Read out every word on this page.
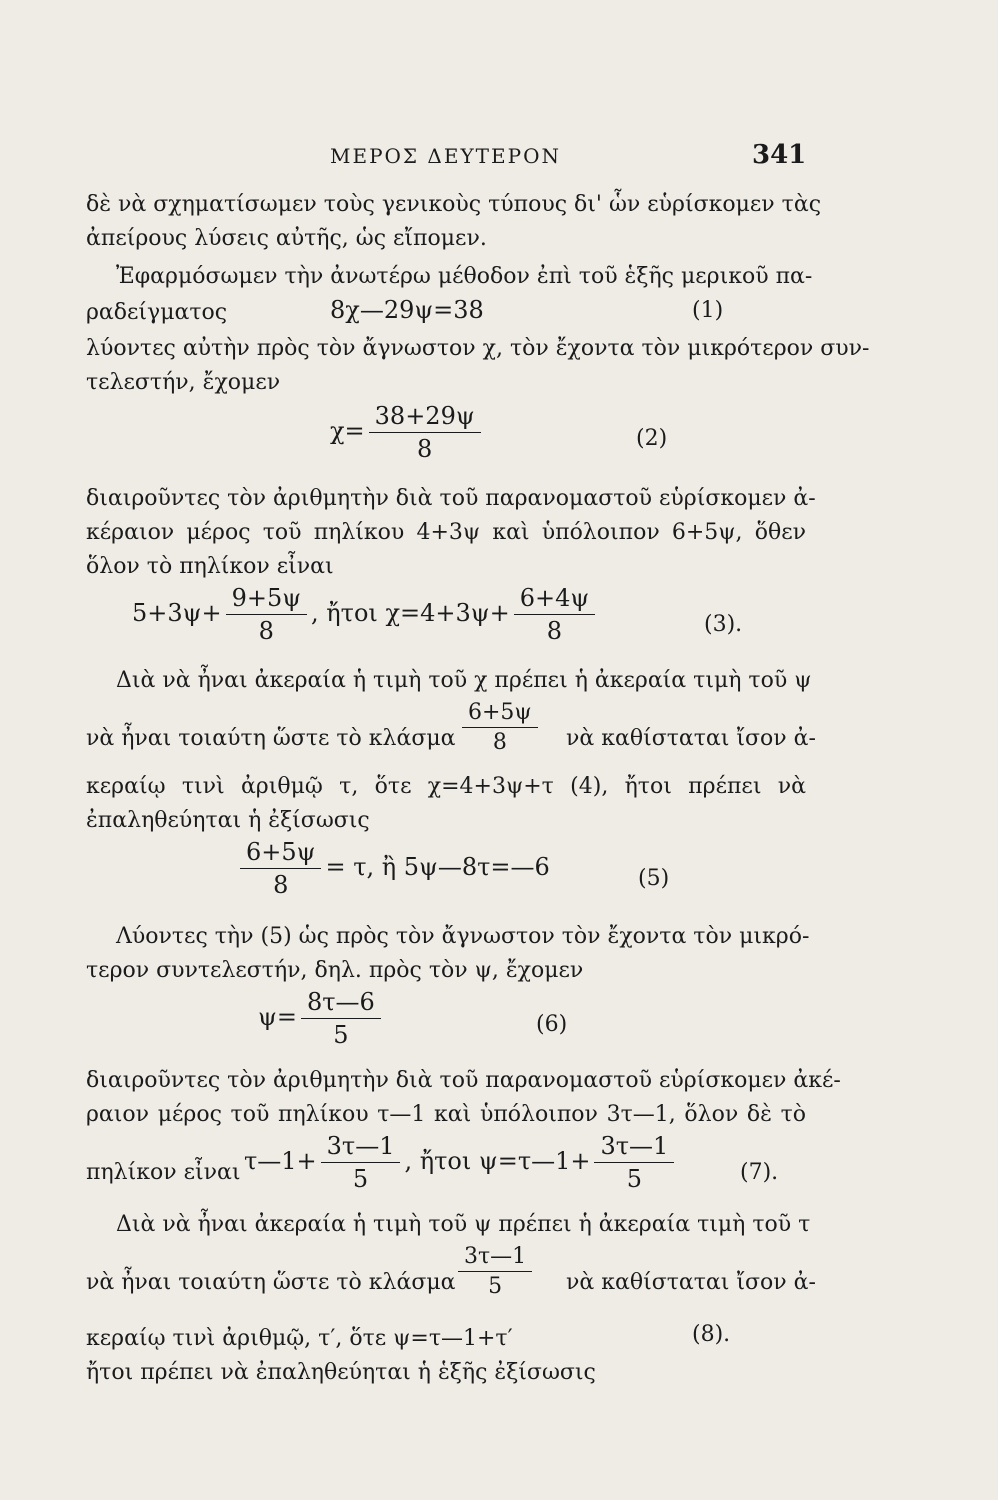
ΜΕΡΟΣ ΔΕΥΤΕΡΟΝ	341
δὲ νὰ σχηματίσωμεν τοὺς γενικοὺς τύπους δι' ὧν εὑρίσκομεν τὰς
ἀπείρους λύσεις αὐτῆς, ὡς εἴπομεν.
Ἐφαρμόσωμεν τὴν ἀνωτέρω μέθοδον ἐπὶ τοῦ ἑξῆς μερικοῦ πα-
ραδείγματος	8χ—29ψ=38	(1)
λύοντες αὐτὴν πρὸς τὸν ἄγνωστον χ, τὸν ἔχοντα τὸν μικρότερον συν-
τελεστήν, ἔχομεν
$\chi= \frac{38+29\psi}{8}$	(2)
διαιροῦντες τὸν ἀριθμητὴν διὰ τοῦ παρανομαστοῦ εὑρίσκομεν ἀ-
κέραιον μέρος τοῦ πηλίκου 4+3ψ καὶ ὑπόλοιπον 6+5ψ, ὅθεν
ὅλον τὸ πηλίκον εἶναι
$5+3\psi+ \frac{9+5\psi}{8}$ , ἤτοι $\chi=4+3\psi+ \frac{6+4\psi}{8}$	(3).
Διὰ νὰ ἦναι ἀκεραία ἡ τιμὴ τοῦ χ πρέπει ἡ ἀκεραία τιμὴ τοῦ ψ
νὰ ἦναι τοιαύτη ὥστε τὸ κλάσμα $\frac{6+5\psi}{8}$ νὰ καθίσταται ἴσον ἀ-
κεραίῳ τινὶ ἀριθμῷ τ, ὅτε χ=4+3ψ+τ (4), ἤτοι πρέπει νὰ
ἐπαληθεύηται ἡ ἐξίσωσις
$\frac{6+5\psi}{8} = \tau$, ἢ 5ψ—8τ=—6	(5)
Λύοντες τὴν (5) ὡς πρὸς τὸν ἄγνωστον τὸν ἔχοντα τὸν μικρό-
τερον συντελεστήν, δηλ. πρὸς τὸν ψ, ἔχομεν
$\psi= \frac{8\tau—6}{5}$	(6)
διαιροῦντες τὸν ἀριθμητὴν διὰ τοῦ παρανομαστοῦ εὑρίσκομεν ἀκέ-
ραιον μέρος τοῦ πηλίκου τ—1 καὶ ὑπόλοιπον 3τ—1, ὅλον δὲ τὸ
πηλίκον εἶναι τ—1+ $\frac{3\tau—1}{5}$ , ἤτοι ψ=τ—1+ $\frac{3\tau—1}{5}$	(7).
Διὰ νὰ ἦναι ἀκεραία ἡ τιμὴ τοῦ ψ πρέπει ἡ ἀκεραία τιμὴ τοῦ τ
νὰ ἦναι τοιαύτη ὥστε τὸ κλάσμα $\frac{3\tau—1}{5}$ νὰ καθίσταται ἴσον ἀ-
κεραίῳ τινὶ ἀριθμῷ, τ′, ὅτε ψ=τ—1+τ′	(8).
ἤτοι πρέπει νὰ ἐπαληθεύηται ἡ ἑξῆς ἐξίσωσις
